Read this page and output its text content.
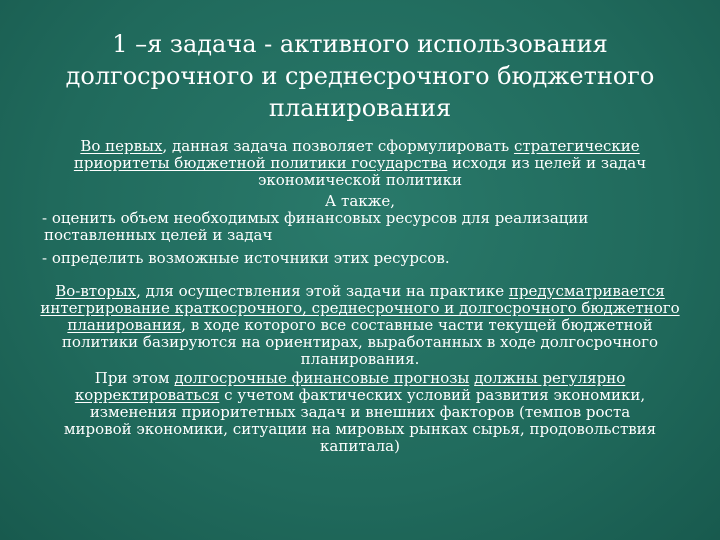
1 –я задача - активного использования долгосрочного и среднесрочного бюджетного планирования

Во первых, данная задача позволяет сформулировать стратегические приоритеты бюджетной политики государства исходя из целей и задач экономической политики

А также,

- оценить объем необходимых финансовых ресурсов для реализации поставленных целей и задач

- определить возможные источники этих ресурсов.

Во-вторых, для осуществления этой задачи на практике предусматривается интегрирование краткосрочного, среднесрочного и долгосрочного бюджетного планирования, в ходе которого все составные части текущей бюджетной политики базируются на ориентирах, выработанных в ходе долгосрочного планирования.

При этом долгосрочные финансовые прогнозы должны регулярно корректироваться с учетом фактических условий развития экономики, изменения приоритетных задач и внешних факторов (темпов роста мировой экономики, ситуации на мировых рынках сырья, продовольствия капитала)
